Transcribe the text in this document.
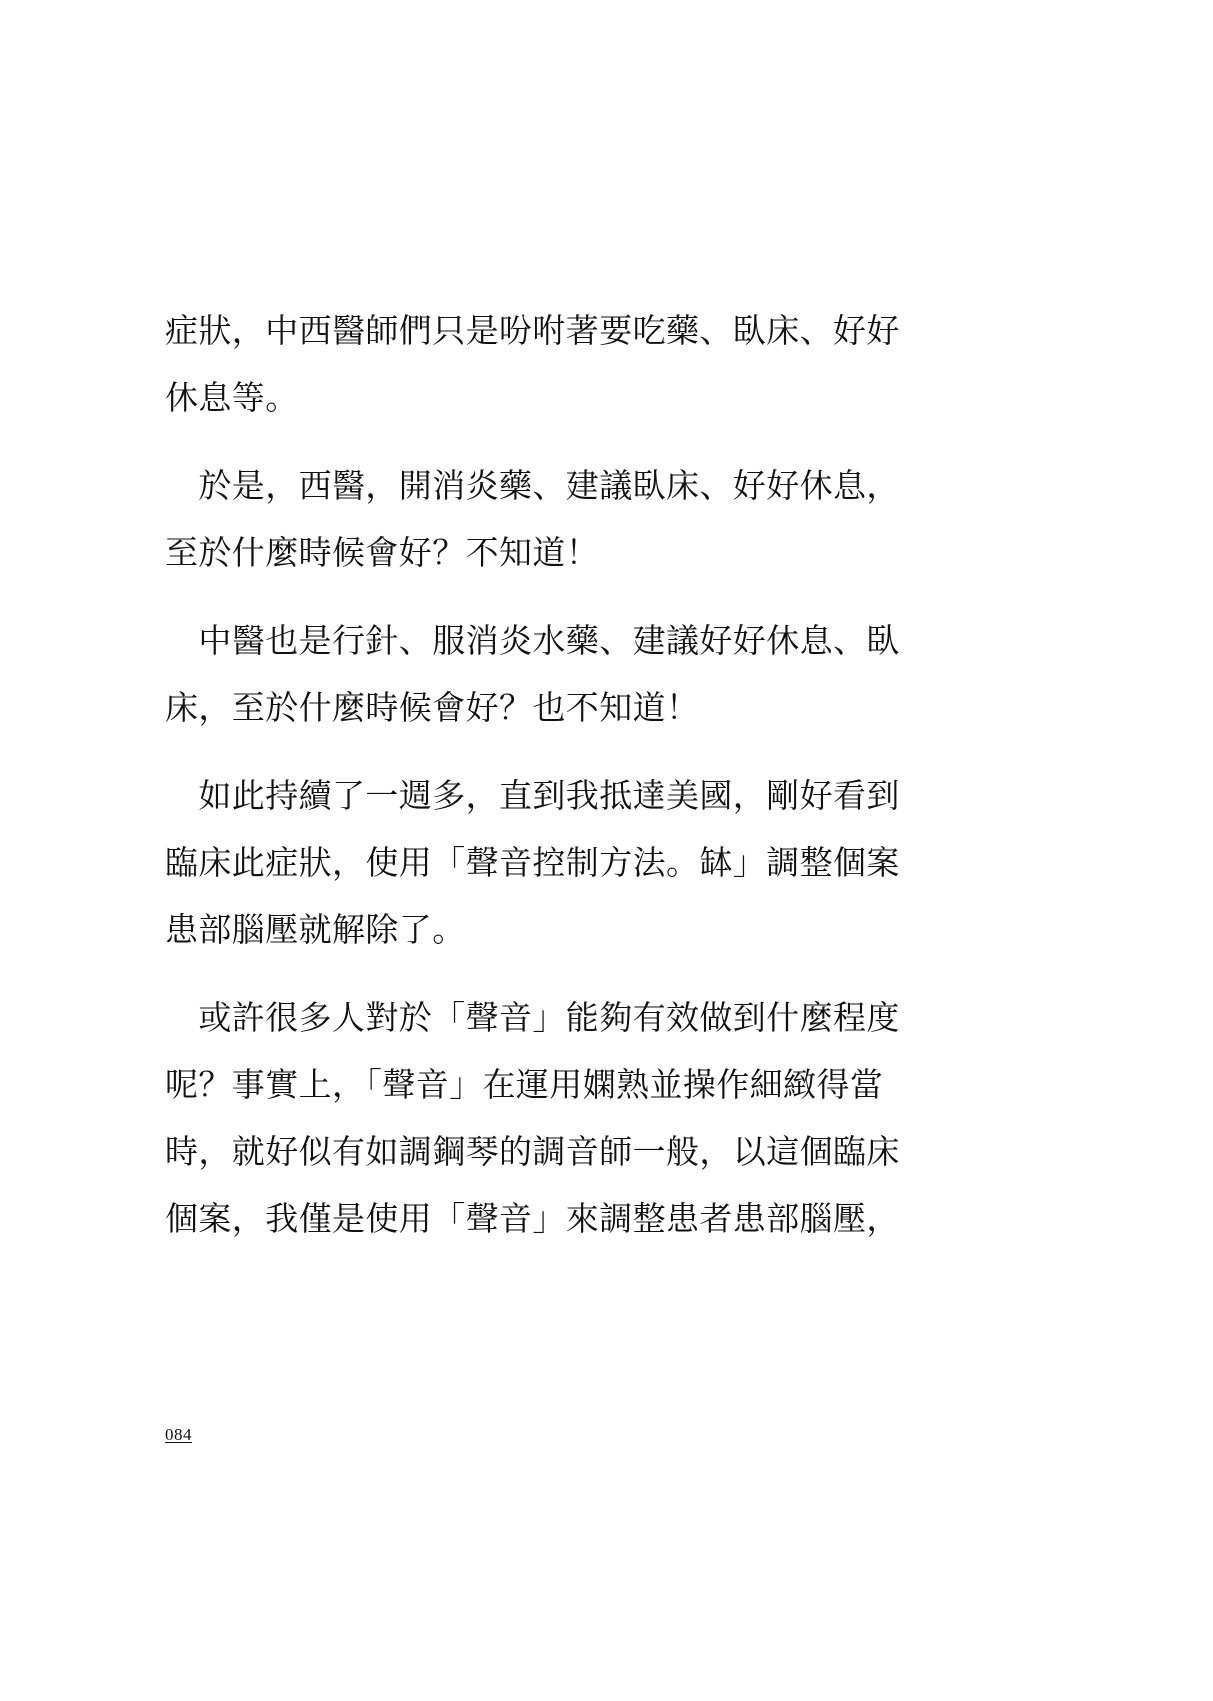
症狀，中西醫師們只是吩咐著要吃藥、臥床、好好
休息等。
於是，西醫，開消炎藥、建議臥床、好好休息，
至於什麼時候會好？不知道！
中醫也是行針、服消炎水藥、建議好好休息、臥
床，至於什麼時候會好？也不知道！
如此持續了一週多，直到我抵達美國，剛好看到
臨床此症狀，使用「聲音控制方法。缽」調整個案
患部腦壓就解除了。
或許很多人對於「聲音」能夠有效做到什麼程度
呢？事實上，「聲音」在運用嫻熟並操作細緻得當
時，就好似有如調鋼琴的調音師一般，以這個臨床
個案，我僅是使用「聲音」來調整患者患部腦壓，
084
